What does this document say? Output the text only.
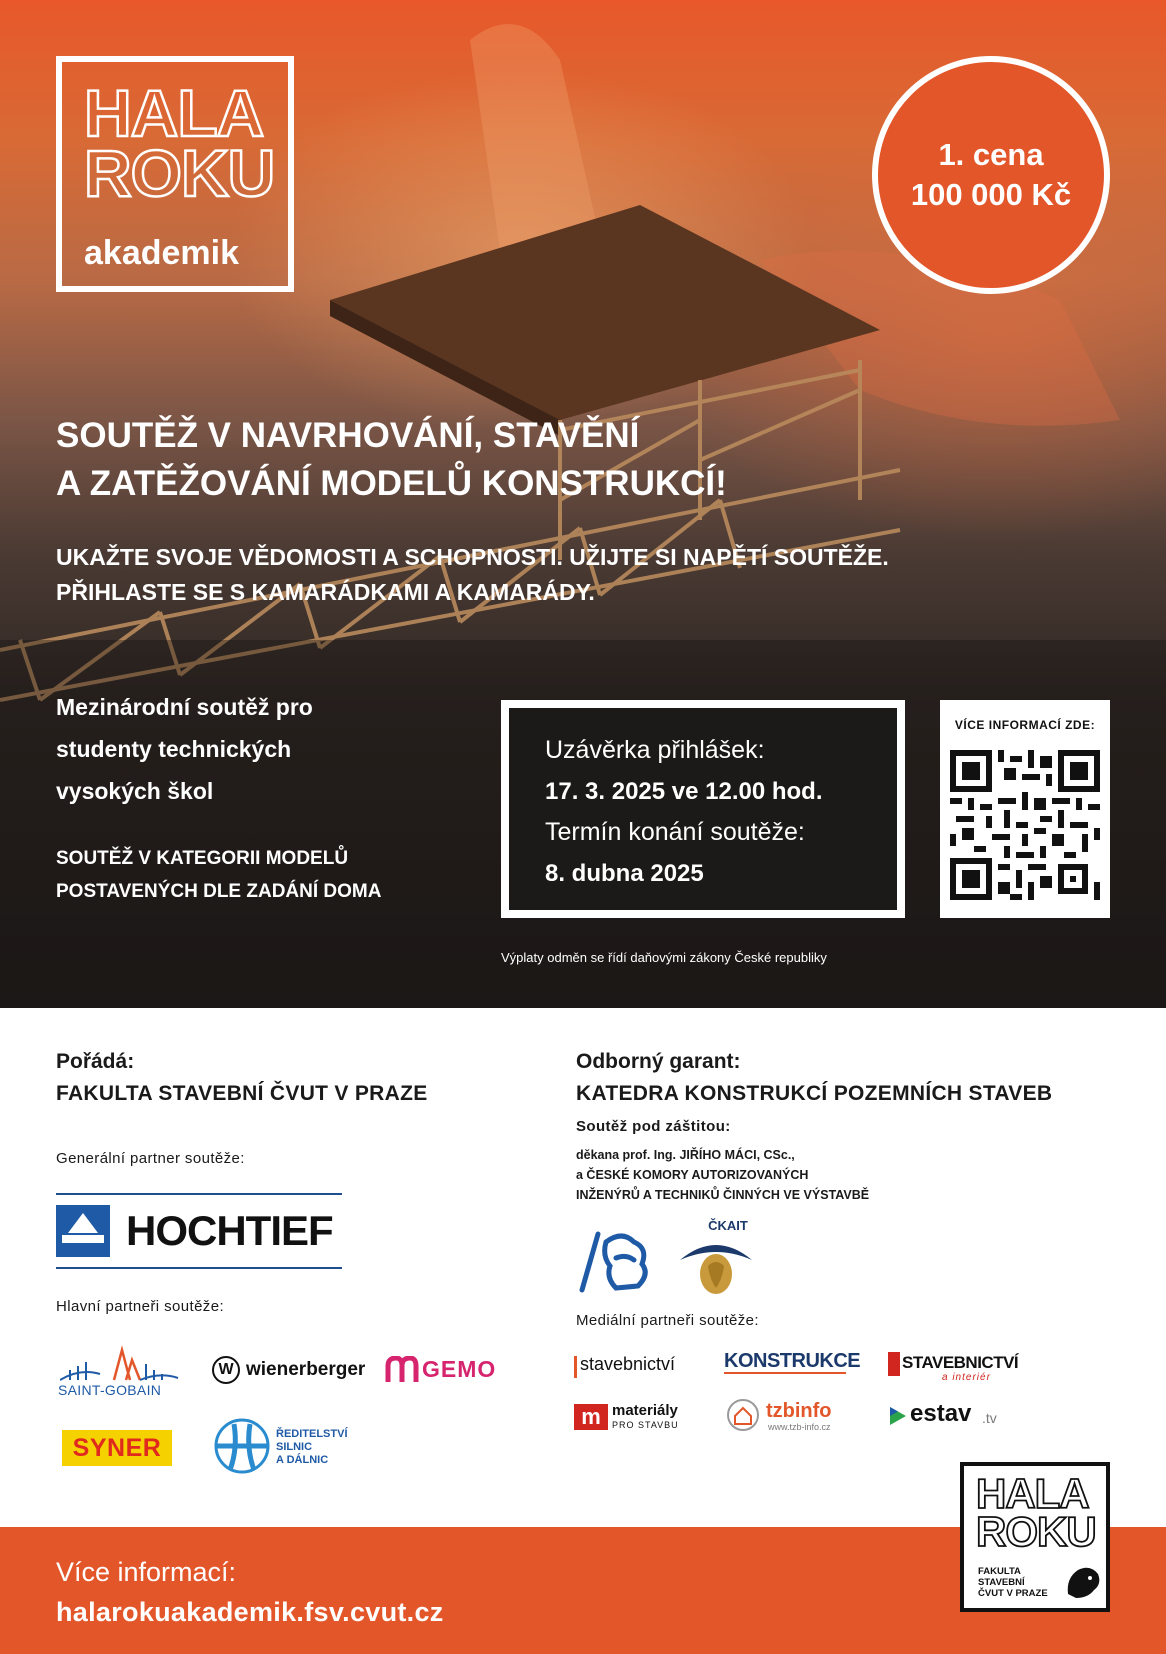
HALA
ROKU
akademik
1. cena
100 000 Kč
SOUTĚŽ V NAVRHOVÁNÍ, STAVĚNÍ
A ZATĚŽOVÁNÍ MODELŮ KONSTRUKCÍ!
UKAŽTE SVOJE VĚDOMOSTI A SCHOPNOSTI. UŽIJTE SI NAPĚTÍ SOUTĚŽE.
PŘIHLASTE SE S KAMARÁDKAMI A KAMARÁDY.
Mezinárodní soutěž pro
studenty technických
vysokých škol
SOUTĚŽ V KATEGORII MODELŮ
POSTAVENÝCH DLE ZADÁNÍ DOMA
Uzávěrka přihlášek:
17. 3. 2025 ve 12.00 hod.
Termín konání soutěže:
8. dubna 2025
VÍCE INFORMACÍ ZDE:
Výplaty odměn se řídí daňovými zákony České republiky
Pořádá:
FAKULTA STAVEBNÍ ČVUT V PRAZE
Odborný garant:
KATEDRA KONSTRUKCÍ POZEMNÍCH STAVEB
Soutěž pod záštitou:
děkana prof. Ing. JIŘÍHO MÁCI, CSc.,
a ČESKÉ KOMORY AUTORIZOVANÝCH
INŽENÝRŮ A TECHNIKŮ ČINNÝCH VE VÝSTAVBĚ
ČKAIT
Generální partner soutěže:
HOCHTIEF
Hlavní partneři soutěže:
SAINT-GOBAIN
W wienerberger GEMO
SYNER	ŘEDITELSTVÍ
SILNIC
A DÁLNIC
Mediální partneři soutěže:
stavebnictví KONSTRUKCE STAVEBNICTVÍ
a interiér
m materiály
PRO STAVBU
tzbinfo
www.tzb-info.cz	estav .tv
Více informací:
halarokuakademik.fsv.cvut.cz
HALA
ROKU
FAKULTA
STAVEBNÍ
ČVUT V PRAZE
